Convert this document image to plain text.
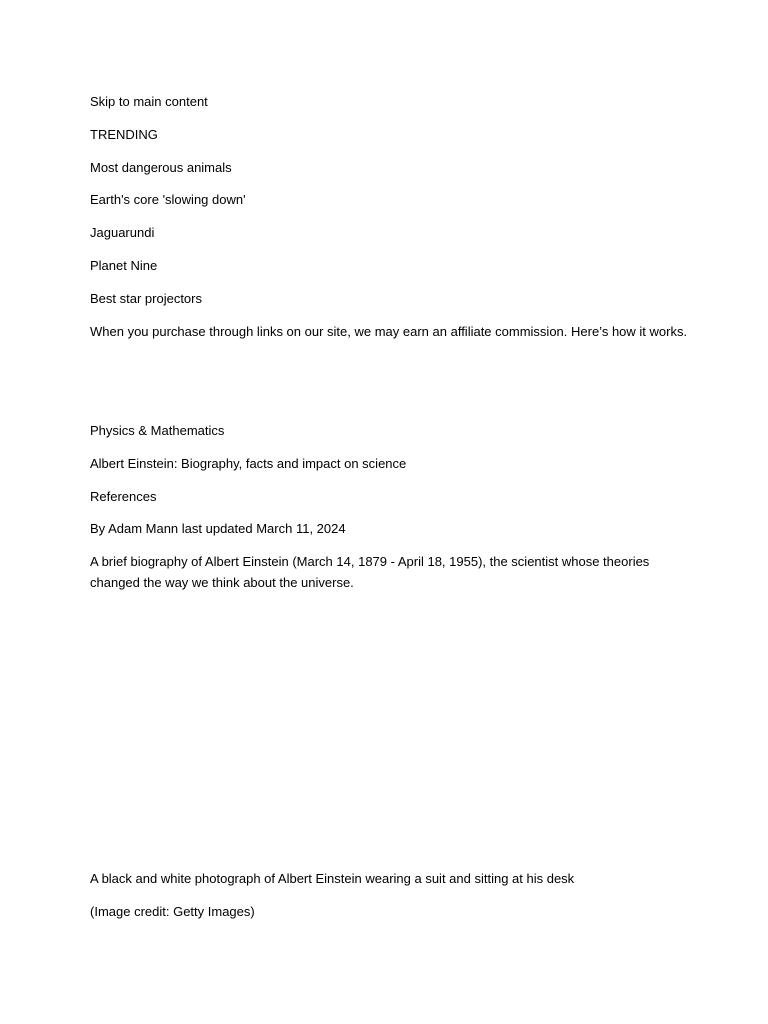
Skip to main content

TRENDING

Most dangerous animals
Earth's core 'slowing down'
Jaguarundi
Planet Nine
Best star projectors

When you purchase through links on our site, we may earn an affiliate commission. Here’s how it works.

Physics & Mathematics
Albert Einstein: Biography, facts and impact on science
References

By Adam Mann last updated March 11, 2024

A brief biography of Albert Einstein (March 14, 1879 - April 18, 1955), the scientist whose theories changed the way we think about the universe.

A black and white photograph of Albert Einstein wearing a suit and sitting at his desk

(Image credit: Getty Images)
